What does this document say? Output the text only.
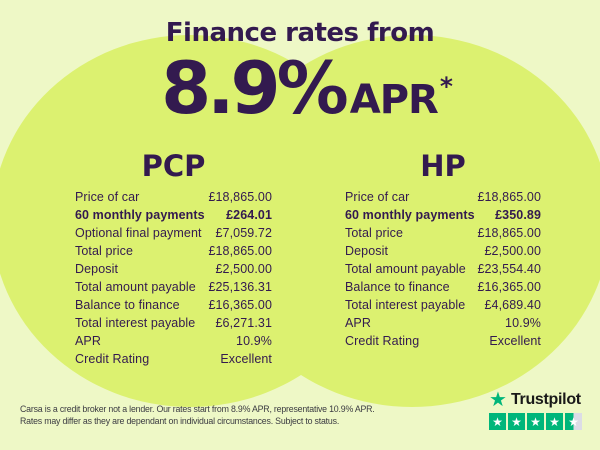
Finance rates from
8.9% APR *
PCP
Price of car	£18,865.00
60 monthly payments £264.01
Optional final payment £7,059.72
Total price	£18,865.00
Deposit	£2,500.00
Total amount payable £25,136.31
Balance to finance £16,365.00
Total interest payable £6,271.31
APR	10.9%
Credit Rating	Excellent
HP
Price of car	£18,865.00
60 monthly payments £350.89
Total price	£18,865.00
Deposit	£2,500.00
Total amount payable £23,554.40
Balance to finance £16,365.00
Total interest payable £4,689.40
APR	10.9%
Credit Rating	Excellent
Carsa is a credit broker not a lender. Our rates start from 8.9% APR, representative 10.9% APR.
Rates may differ as they are dependant on individual circumstances. Subject to status.
★ Trustpilot
★ ★ ★ ★ ★
